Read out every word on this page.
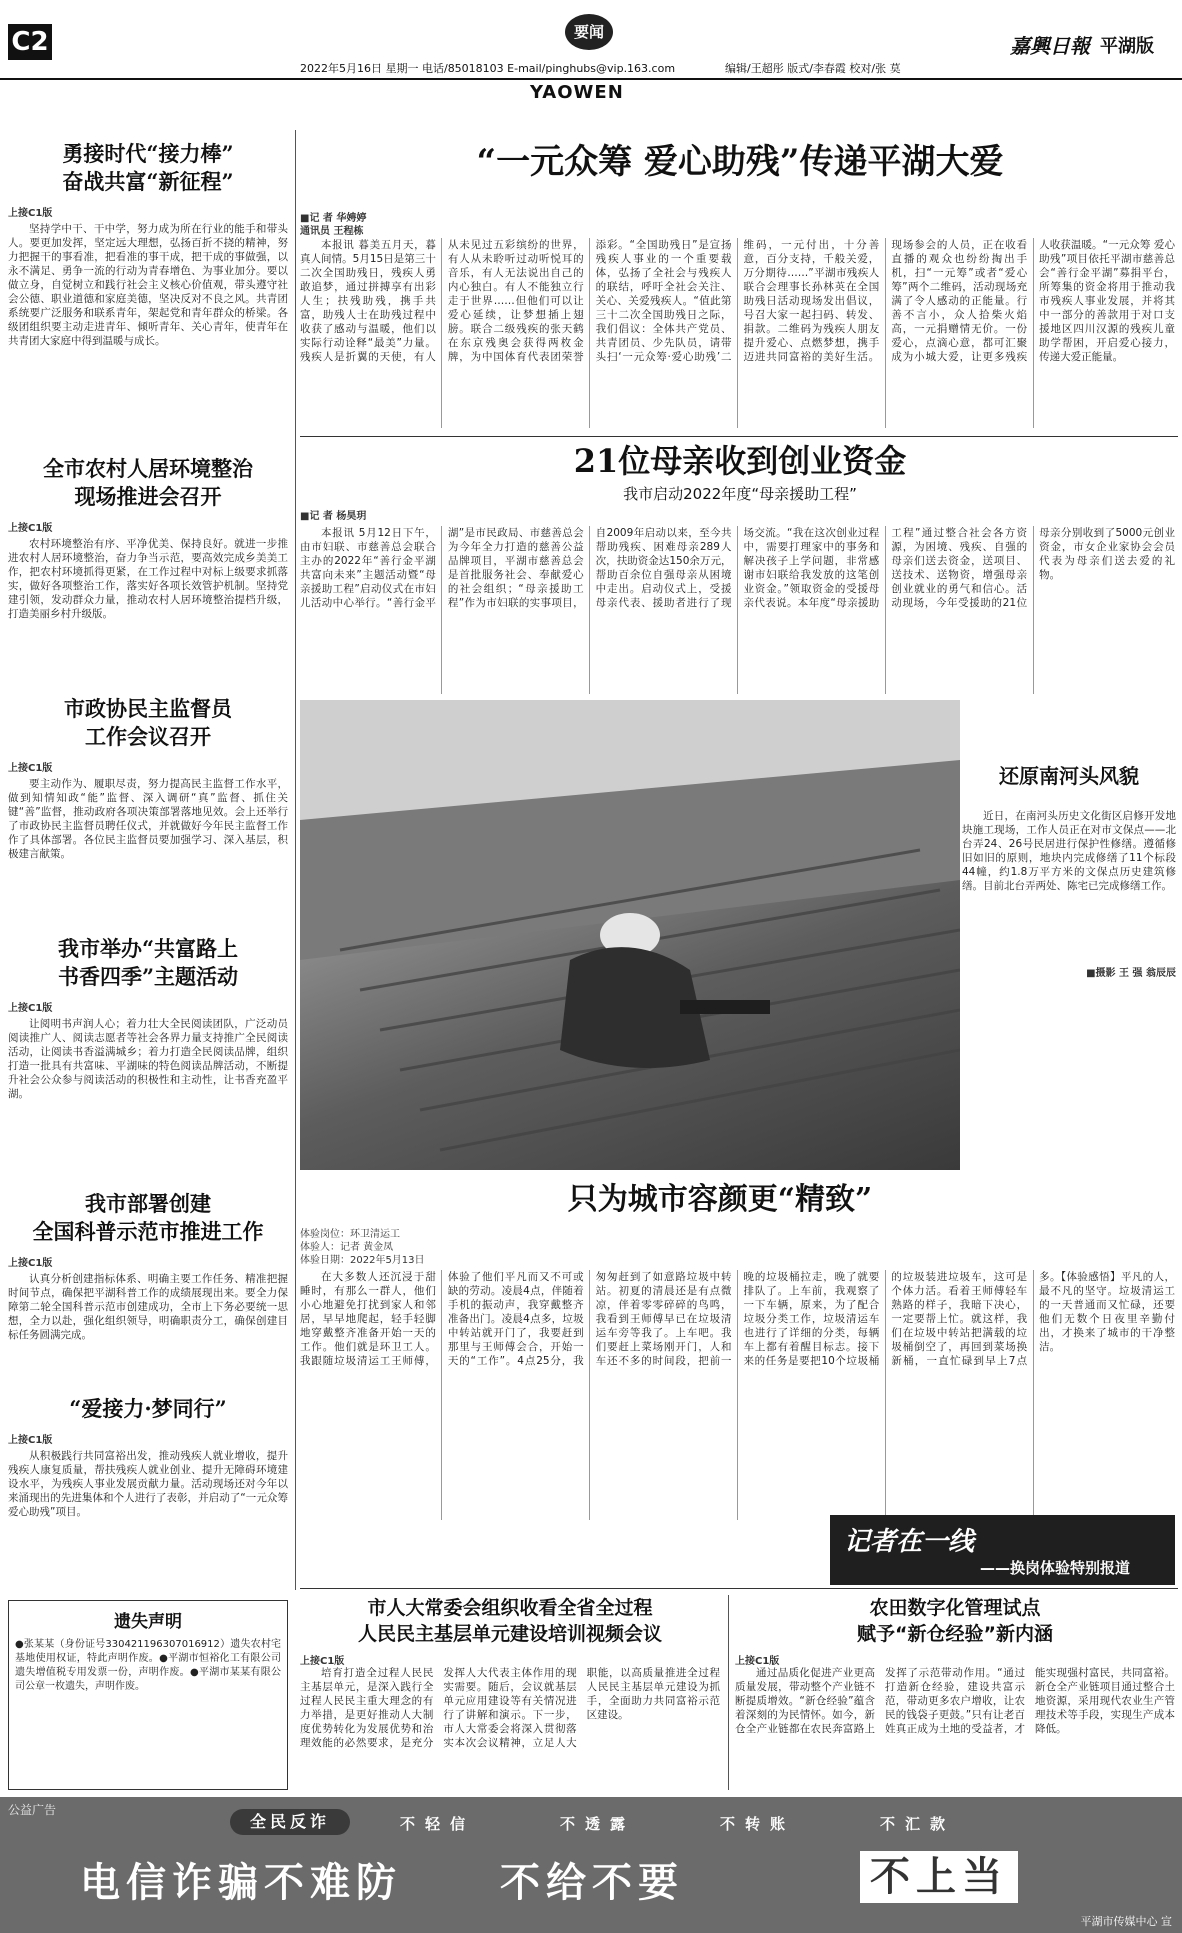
C2	要闻
2022年5月16日 星期一 电话/85018103 E-mail/pinghubs@vip.163.com	编辑/王超彤 版式/李春霞 校对/张 莫
嘉興日報 平湖版
YAOWEN
勇接时代“接力棒”
奋战共富“新征程”
上接C1版

坚持学中干、干中学，努力成为所在行业的能手和带头人。要更加发挥，坚定远大理想，弘扬百折不挠的精神，努力把握干的事看准，把看准的事干成，把干成的事做强，以永不满足、勇争一流的行动为青春增色、为事业加分。要以做立身，自觉树立和践行社会主义核心价值观，带头遵守社会公德、职业道德和家庭美德，坚决反对不良之风。共青团系统要广泛服务和联系青年，架起党和青年群众的桥梁。各级团组织要主动走进青年、倾听青年、关心青年，使青年在共青团大家庭中得到温暖与成长。

全市农村人居环境整治
现场推进会召开
上接C1版

农村环境整治有序、平净优美、保持良好。就进一步推进农村人居环境整治，奋力争当示范，要高效完成乡美美工作，把农村环境抓得更紧，在工作过程中对标上级要求抓落实，做好各项整治工作，落实好各项长效管护机制。坚持党建引领，发动群众力量，推动农村人居环境整治提档升级，打造美丽乡村升级版。

市政协民主监督员
工作会议召开
上接C1版

要主动作为、履职尽责，努力提高民主监督工作水平，做到知情知政“能”监督、深入调研“真”监督、抓住关键“善”监督，推动政府各项决策部署落地见效。会上还举行了市政协民主监督员聘任仪式，并就做好今年民主监督工作作了具体部署。各位民主监督员要加强学习、深入基层，积极建言献策。

我市举办“共富路上
书香四季”主题活动
上接C1版

让阅明书声润人心；着力壮大全民阅读团队，广泛动员阅读推广人、阅读志愿者等社会各界力量支持推广全民阅读活动，让阅读书香溢满城乡；着力打造全民阅读品牌，组织打造一批具有共富味、平湖味的特色阅读品牌活动，不断提升社会公众参与阅读活动的积极性和主动性，让书香充盈平湖。

我市部署创建
全国科普示范市推进工作
上接C1版

认真分析创建指标体系、明确主要工作任务、精准把握时间节点，确保把平湖科普工作的成绩展现出来。要全力保障第二轮全国科普示范市创建成功，全市上下务必要统一思想，全力以赴，强化组织领导，明确职责分工，确保创建目标任务圆满完成。

“爱接力·梦同行”
上接C1版

从积极践行共同富裕出发，推动残疾人就业增收，提升残疾人康复质量，帮扶残疾人就业创业、提升无障碍环境建设水平，为残疾人事业发展贡献力量。活动现场还对今年以来涌现出的先进集体和个人进行了表彰，并启动了“一元众筹 爱心助残”项目。

遗失声明
●张某某（身份证号330421196307016912）遗失农村宅基地使用权证，特此声明作废。●平湖市恒裕化工有限公司遗失增值税专用发票一份，声明作废。●平湖市某某有限公司公章一枚遗失，声明作废。
“一元众筹 爱心助残”传递平湖大爱
■记 者 华娉婷
通讯员 王程栋

本报讯 暮美五月天，暮真人间情。5月15日是第三十二次全国助残日，残疾人勇敢追梦，通过拼搏享有出彩人生；扶残助残，携手共富，助残人士在助残过程中收获了感动与温暖，他们以实际行动诠释“最美”力量。残疾人是折翼的天使，有人从未见过五彩缤纷的世界，有人从未聆听过动听悦耳的音乐，有人无法说出自己的内心独白。有人不能独立行走于世界……但他们可以让爱心延续，让梦想插上翅膀。联合二级残疾的张天鹤在东京残奥会获得两枚金牌，为中国体育代表团荣誉添彩。“全国助残日”是宣扬残疾人事业的一个重要载体，弘扬了全社会与残疾人的联结，呼吁全社会关注、关心、关爱残疾人。“值此第三十二次全国助残日之际，我们倡议：全体共产党员、共青团员、少先队员，请带头扫‘一元众筹·爱心助残’二维码，一元付出，十分善意，百分支持，千般关爱，万分期待……”平湖市残疾人联合会理事长孙林英在全国助残日活动现场发出倡议，号召大家一起扫码、转发、捐款。二维码为残疾人朋友提升爱心、点燃梦想，携手迈进共同富裕的美好生活。现场参会的人员，正在收看直播的观众也纷纷掏出手机，扫“一元筹”或者“爱心筹”两个二维码，活动现场充满了令人感动的正能量。行善不言小，众人拾柴火焰高，一元捐赠情无价。一份爱心，点滴心意，都可汇聚成为小城大爱，让更多残疾人收获温暖。“一元众筹 爱心助残”项目依托平湖市慈善总会“善行金平湖”募捐平台，所筹集的资金将用于推动我市残疾人事业发展，并将其中一部分的善款用于对口支援地区四川汉源的残疾儿童助学帮困，开启爱心接力，传递大爱正能量。

21位母亲收到创业资金
我市启动2022年度“母亲援助工程”
■记 者 杨昊玥

本报讯 5月12日下午，由市妇联、市慈善总会联合主办的2022年“善行金平湖 共富向未来”主题活动暨“母亲援助工程”启动仪式在市妇儿活动中心举行。“善行金平湖”是市民政局、市慈善总会为今年全力打造的慈善公益品牌项目，平湖市慈善总会是首批服务社会、奉献爱心的社会组织；“母亲援助工程”作为市妇联的实事项目，自2009年启动以来，至今共帮助残疾、困难母亲289人次，扶助资金达150余万元，帮助百余位自强母亲从困境中走出。启动仪式上，受援母亲代表、援助者进行了现场交流。“我在这次创业过程中，需要打理家中的事务和解决孩子上学问题，非常感谢市妇联给我发放的这笔创业资金。”领取资金的受援母亲代表说。本年度“母亲援助工程”通过整合社会各方资源，为困境、残疾、自强的母亲们送去资金，送项目、送技术、送物资，增强母亲创业就业的勇气和信心。活动现场，今年受援助的21位母亲分别收到了5000元创业资金，市女企业家协会会员代表为母亲们送去爱的礼物。

还原南河头风貌
近日，在南河头历史文化街区启修开发地块施工现场，工作人员正在对市文保点——北台弄24、26号民居进行保护性修缮。遵循修旧如旧的原则，地块内完成修缮了11个标段44幢，约1.8万平方米的文保点历史建筑修缮。目前北台弄两处、陈宅已完成修缮工作。
■摄影 王 强 翁辰辰
只为城市容颜更“精致”
体验岗位：环卫清运工
体验人：记者 黄金凤
体验日期：2022年5月13日

在大多数人还沉浸于甜睡时，有那么一群人，他们小心地避免打扰到家人和邻居，早早地爬起，轻手轻脚地穿戴整齐准备开始一天的工作。他们就是环卫工人。我跟随垃圾清运工王师傅，体验了他们平凡而又不可或缺的劳动。凌晨4点，伴随着手机的振动声，我穿戴整齐准备出门。凌晨4点多，垃圾中转站就开门了，我要赶到那里与王师傅会合，开始一天的“工作”。4点25分，我匆匆赶到了如意路垃圾中转站。初夏的清晨还是有点微凉，伴着零零碎碎的鸟鸣，我看到王师傅早已在垃圾清运车旁等我了。上车吧。我们要赶上菜场刚开门，人和车还不多的时间段，把前一晚的垃圾桶拉走，晚了就要排队了。上车前，我观察了一下车辆，原来，为了配合垃圾分类工作，垃圾清运车也进行了详细的分类，每辆车上都有着醒目标志。接下来的任务是要把10个垃圾桶的垃圾装进垃圾车，这可是个体力活。看着王师傅轻车熟路的样子，我暗下决心，一定要帮上忙。就这样，我们在垃圾中转站把满载的垃圾桶倒空了，再回到菜场换新桶，一直忙碌到早上7点多。【体验感悟】平凡的人，最不凡的坚守。垃圾清运工的一天普通而又忙碌，还要他们无数个日夜里辛勤付出，才换来了城市的干净整洁。

记者在一线
——换岗体验特别报道
市人大常委会组织收看全省全过程
人民民主基层单元建设培训视频会议
上接C1版

培育打造全过程人民民主基层单元，是深入践行全过程人民民主重大理念的有力举措，是更好推动人大制度优势转化为发展优势和治理效能的必然要求，是充分发挥人大代表主体作用的现实需要。随后，会议就基层单元应用建设等有关情况进行了讲解和演示。下一步，市人大常委会将深入贯彻落实本次会议精神，立足人大职能，以高质量推进全过程人民民主基层单元建设为抓手，全面助力共同富裕示范区建设。

农田数字化管理试点
赋予“新仓经验”新内涵
上接C1版

通过品质化促进产业更高质量发展，带动整个产业链不断提质增效。“新仓经验”蕴含着深刻的为民情怀。如今，新仓全产业链都在农民奔富路上发挥了示范带动作用。“通过打造新仓经验，建设共富示范，带动更多农户增收，让农民的钱袋子更鼓。”只有让老百姓真正成为土地的受益者，才能实现强村富民，共同富裕。新仓全产业链项目通过整合土地资源，采用现代农业生产管理技术等手段，实现生产成本降低。

公益广告
全民反诈	不轻信	不透露	不转账	不汇款
电信诈骗不难防 不给不要	不上当
平湖市传媒中心 宣
